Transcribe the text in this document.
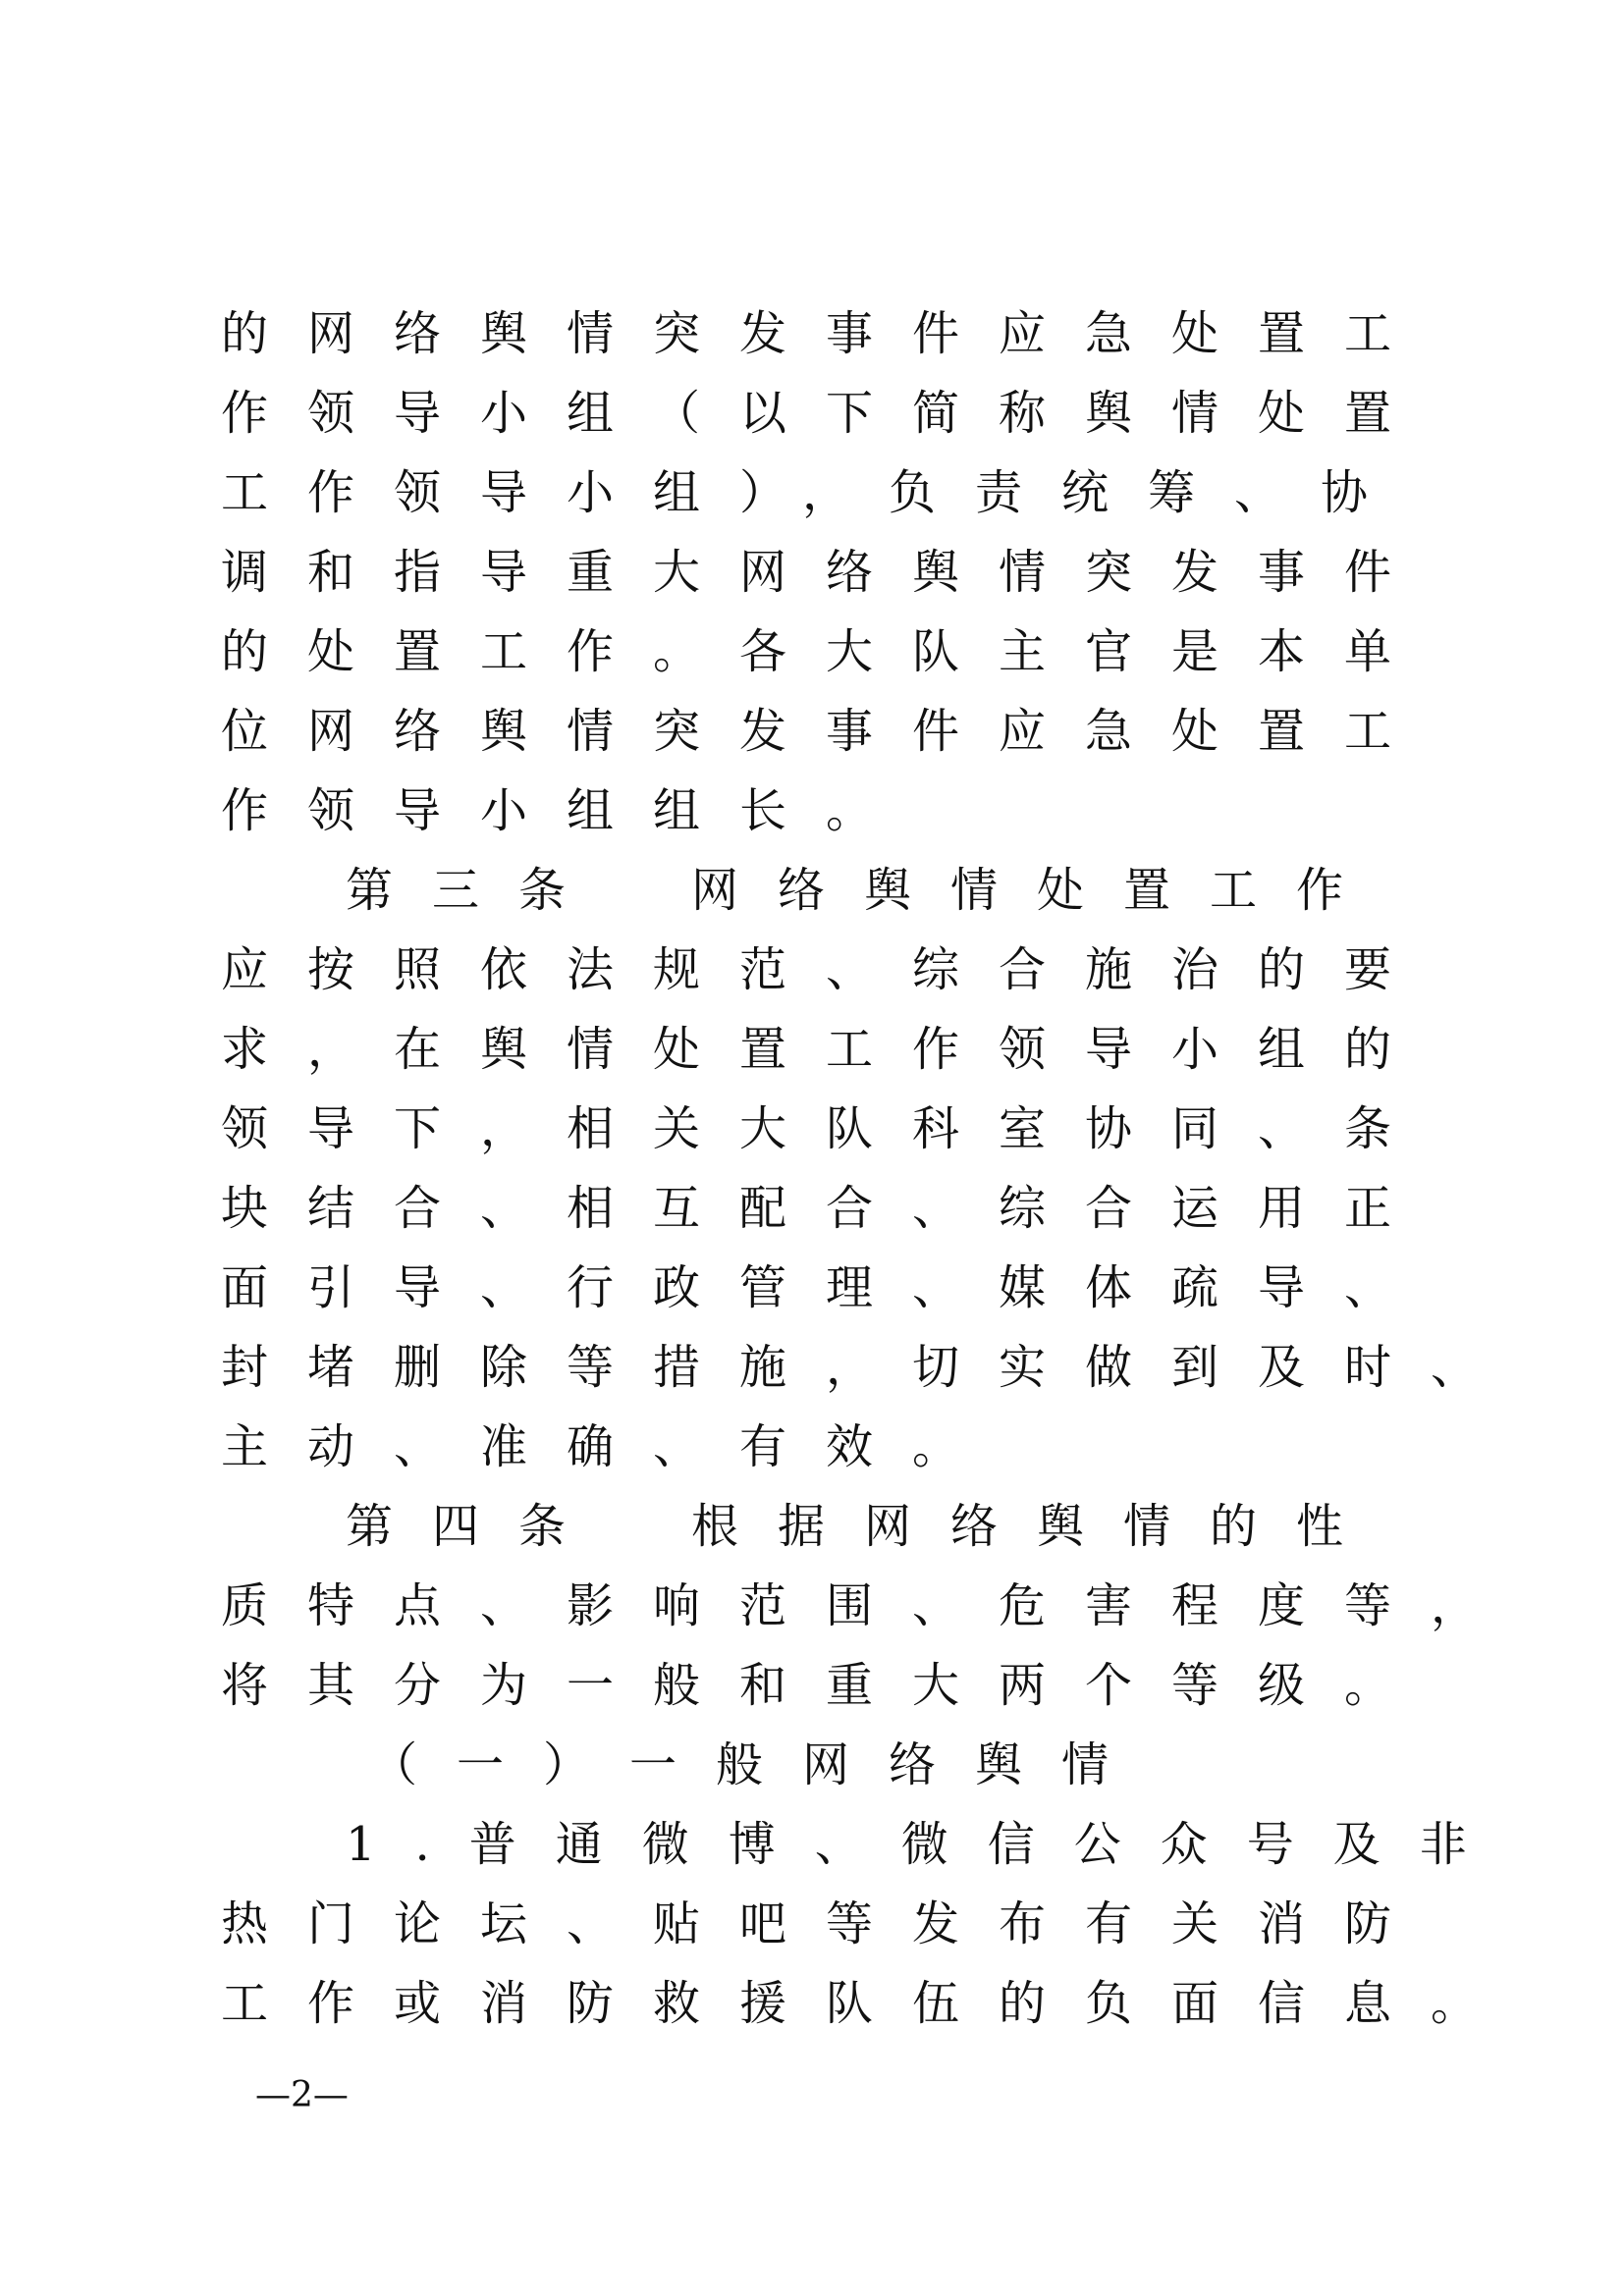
的网络舆情突发事件应急处置工
作领导小组（以下简称舆情处置
工作领导小组），负责统筹、协
调和指导重大网络舆情突发事件
的处置工作。各大队主官是本单
位网络舆情突发事件应急处置工
作领导小组组长。
第三条　网络舆情处置工作
应按照依法规范、综合施治的要
求，在舆情处置工作领导小组的
领导下，相关大队科室协同、条
块结合、相互配合、综合运用正
面引导、行政管理、媒体疏导、
封堵删除等措施，切实做到及时、
主动、准确、有效。
第四条　根据网络舆情的性
质特点、影响范围、危害程度等，
将其分为一般和重大两个等级。
（一）一般网络舆情
1.普通微博、微信公众号及非
热门论坛、贴吧等发布有关消防
工作或消防救援队伍的负面信息。
—2—
